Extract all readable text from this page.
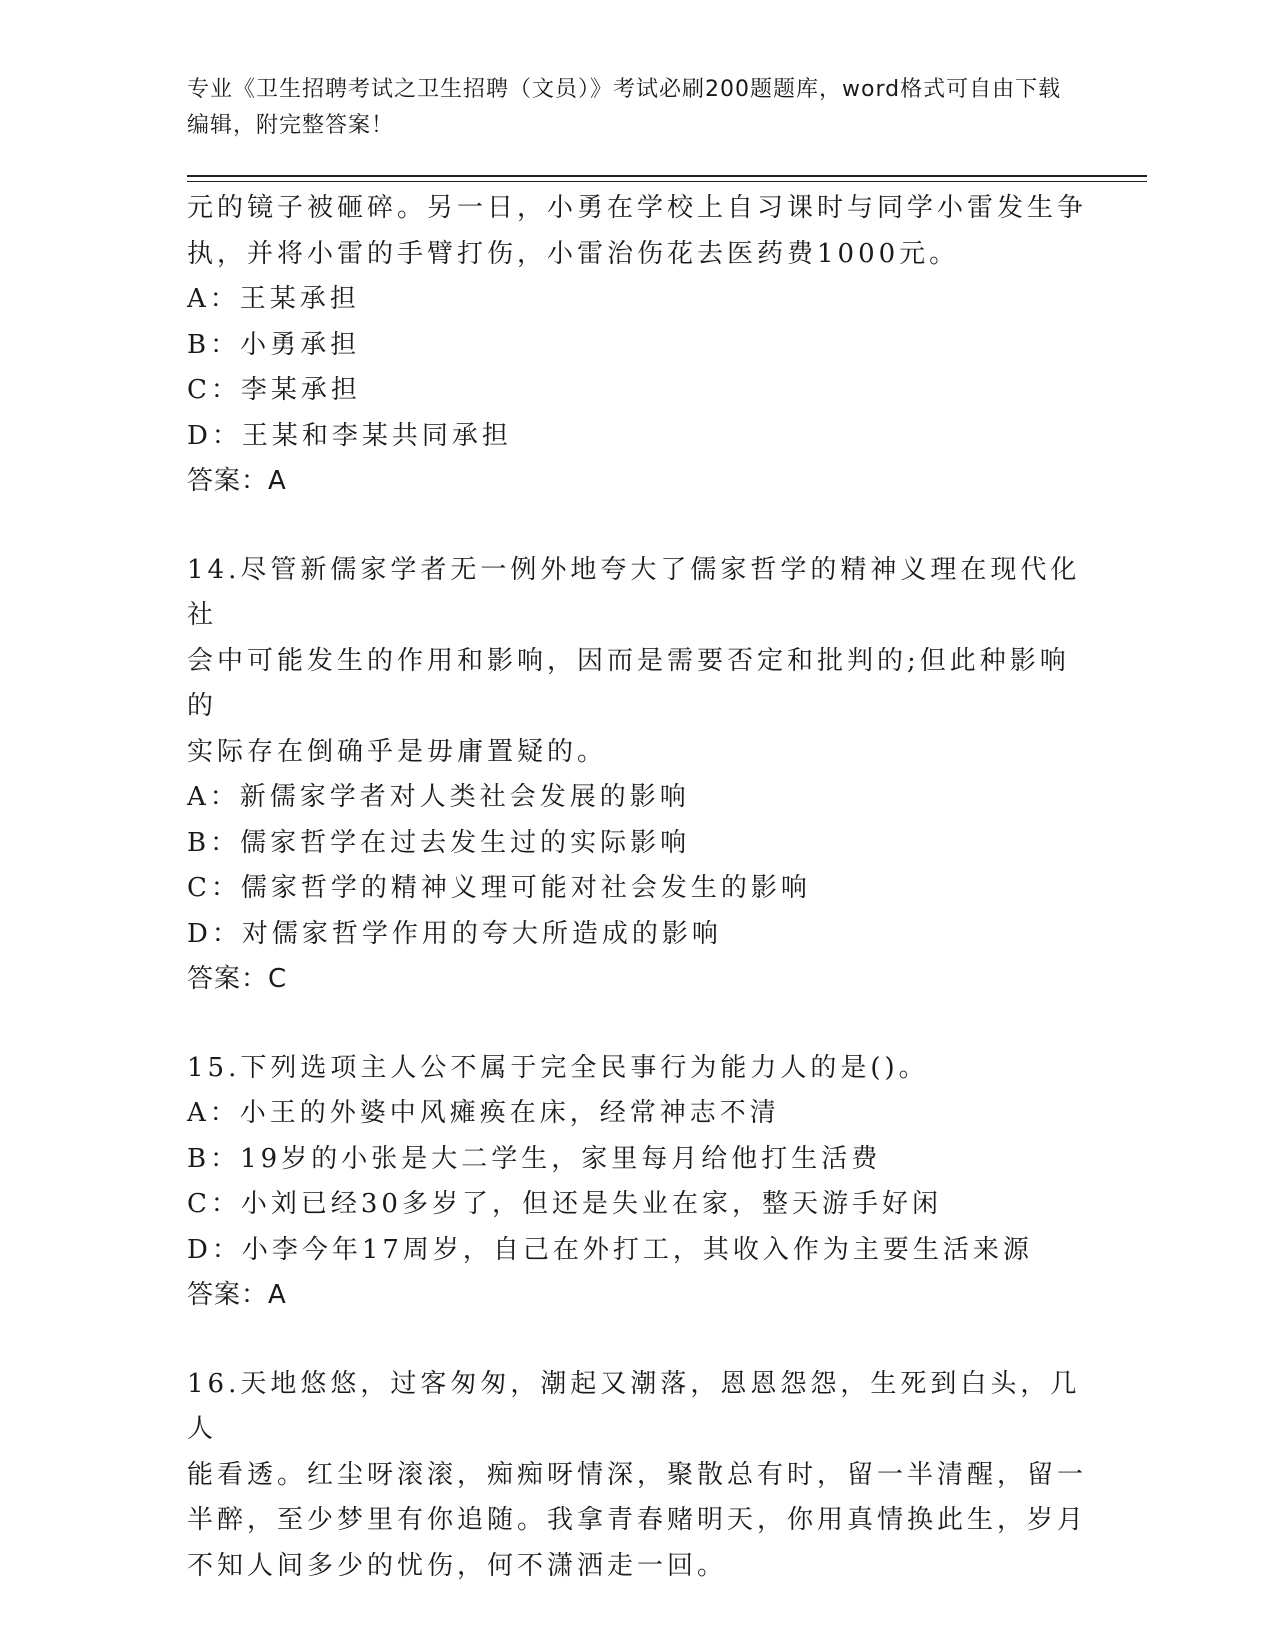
专业《卫生招聘考试之卫生招聘（文员）》考试必刷200题题库，word格式可自由下载编辑，附完整答案！

元的镜子被砸碎。另一日，小勇在学校上自习课时与同学小雷发生争

执，并将小雷的手臂打伤，小雷治伤花去医药费1000元。

A：王某承担

B：小勇承担

C：李某承担

D：王某和李某共同承担

答案：A

14.尽管新儒家学者无一例外地夸大了儒家哲学的精神义理在现代化社

会中可能发生的作用和影响，因而是需要否定和批判的;但此种影响的

实际存在倒确乎是毋庸置疑的。

A：新儒家学者对人类社会发展的影响

B：儒家哲学在过去发生过的实际影响

C：儒家哲学的精神义理可能对社会发生的影响

D：对儒家哲学作用的夸大所造成的影响

答案：C

15.下列选项主人公不属于完全民事行为能力人的是()。

A：小王的外婆中风瘫痪在床，经常神志不清

B：19岁的小张是大二学生，家里每月给他打生活费

C：小刘已经30多岁了，但还是失业在家，整天游手好闲

D：小李今年17周岁，自己在外打工，其收入作为主要生活来源

答案：A

16.天地悠悠，过客匆匆，潮起又潮落，恩恩怨怨，生死到白头，几人

能看透。红尘呀滚滚，痴痴呀情深，聚散总有时，留一半清醒，留一

半醉，至少梦里有你追随。我拿青春赌明天，你用真情换此生，岁月

不知人间多少的忧伤，何不潇洒走一回。
